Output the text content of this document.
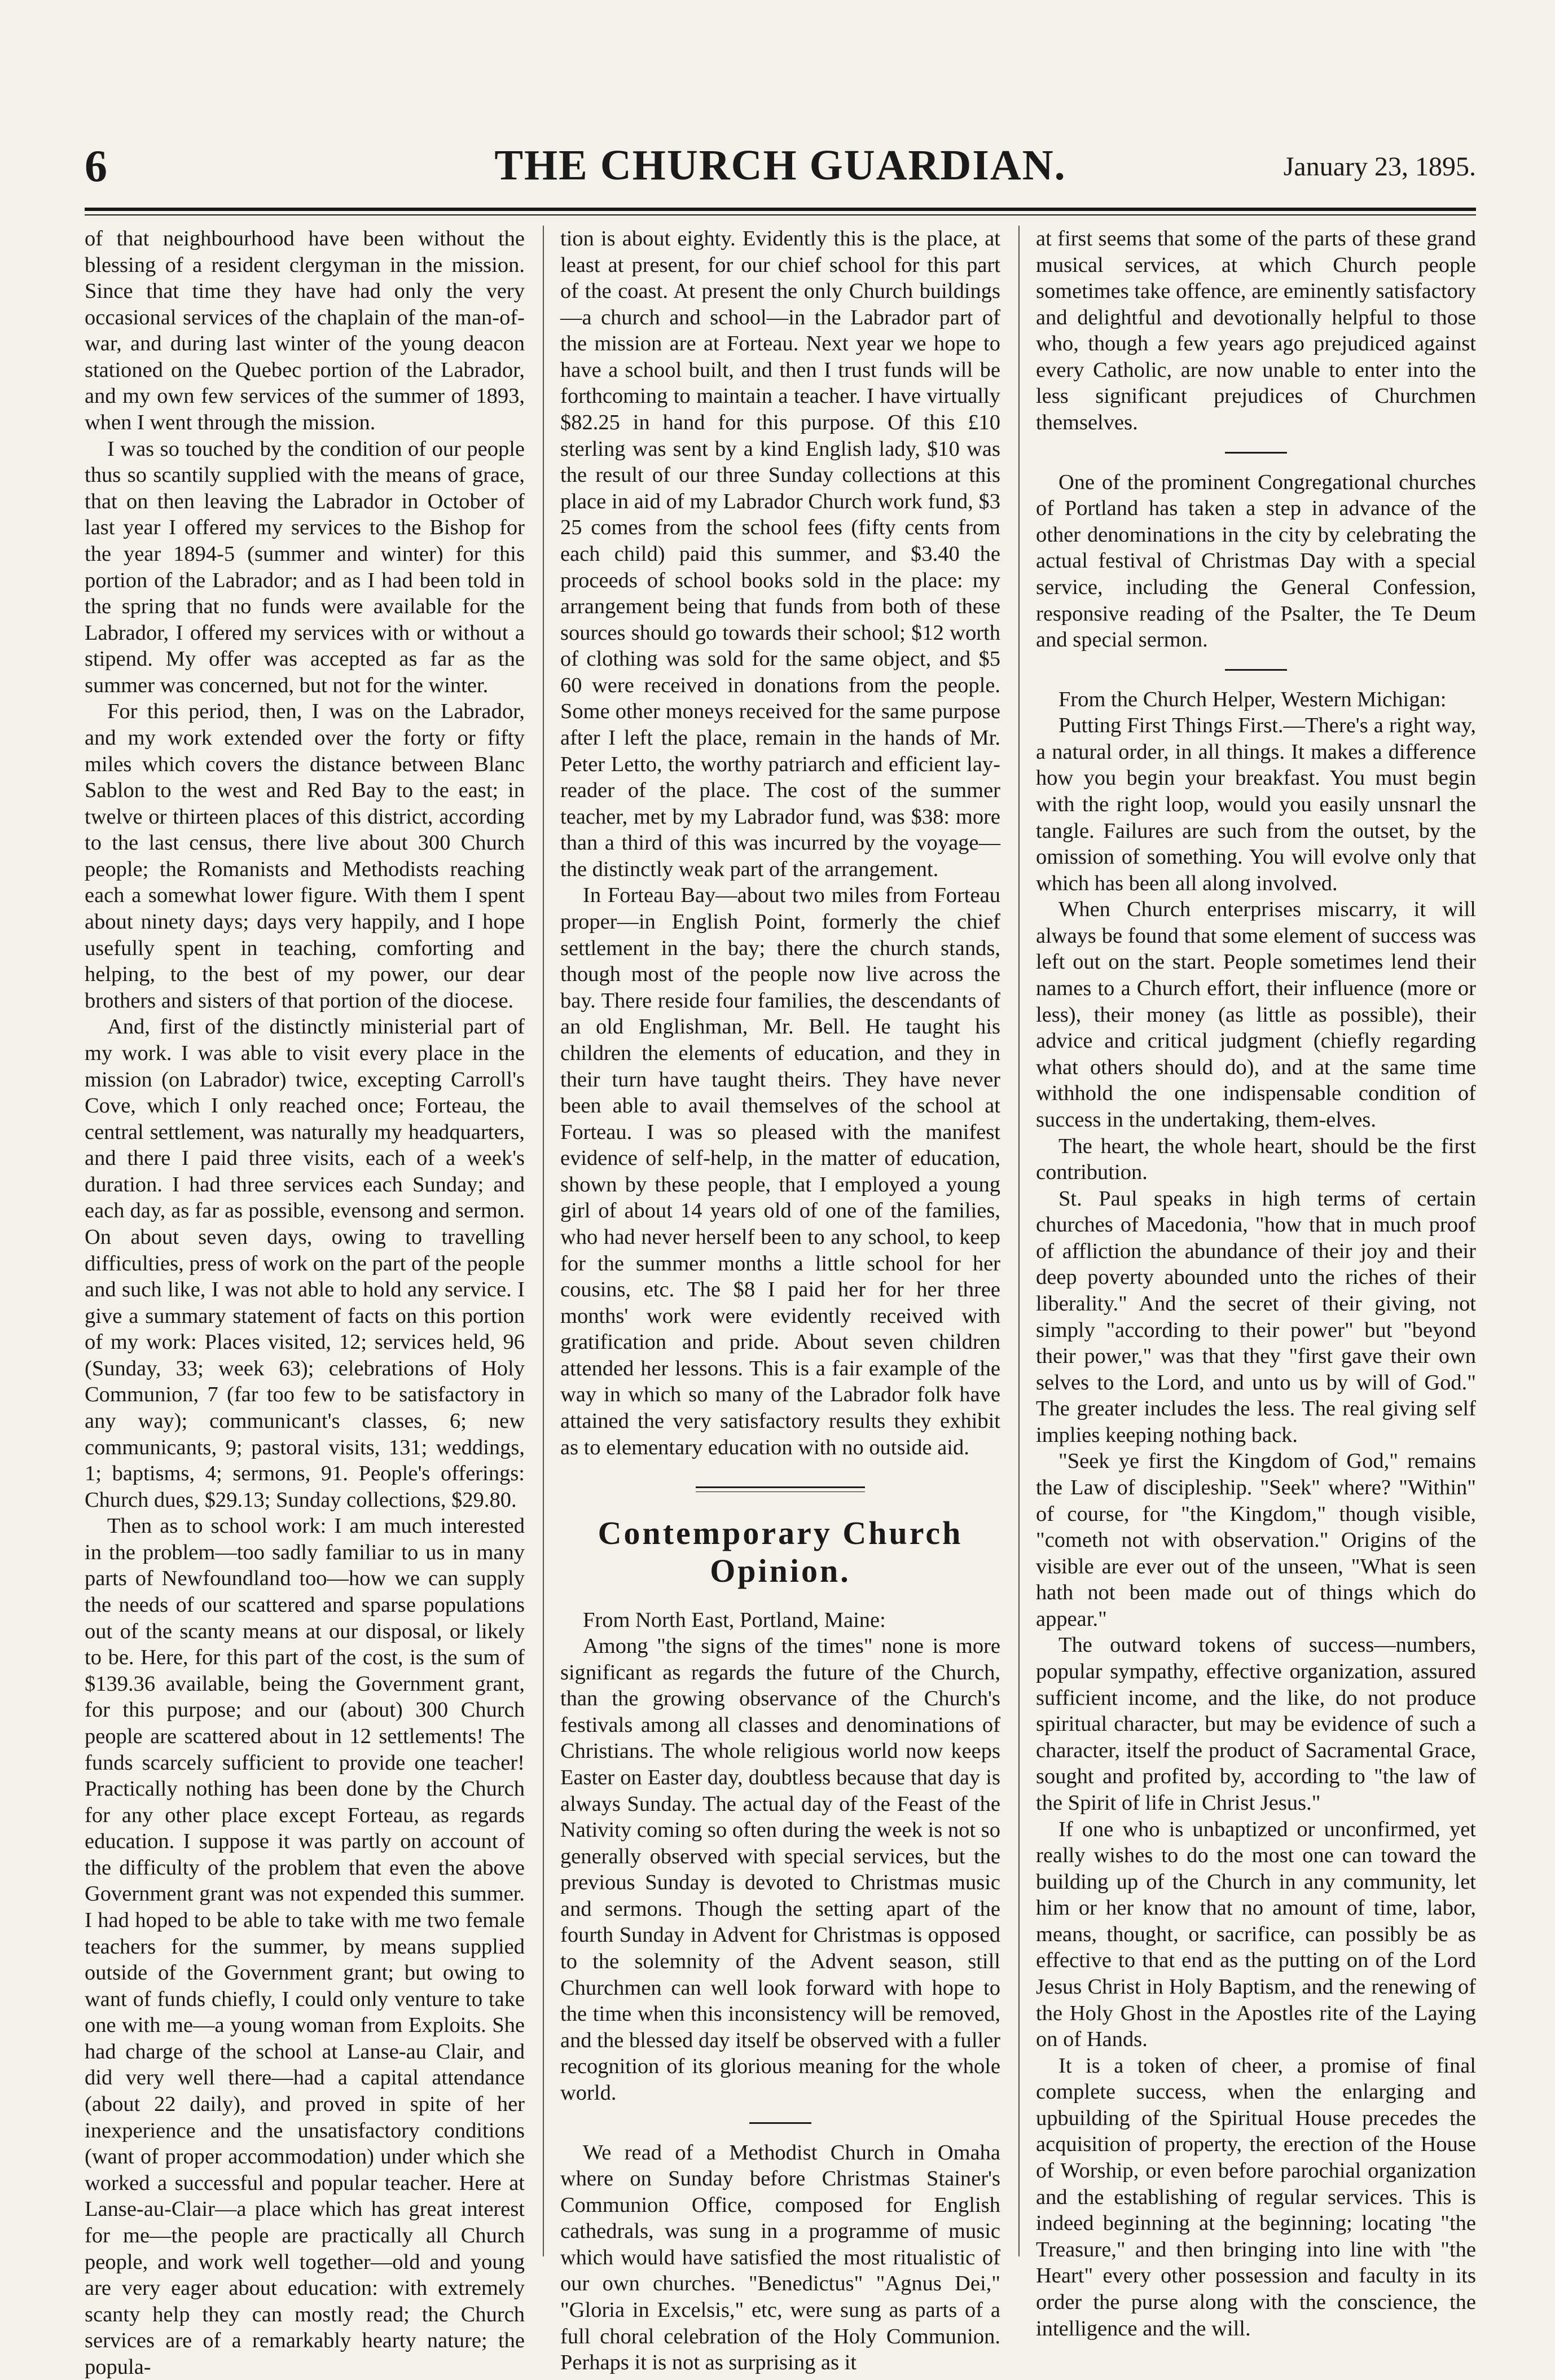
6	THE CHURCH GUARDIAN.	January 23, 1895.

of that neighbourhood have been without the blessing of a resident clergyman in the mission. Since that time they have had only the very occasional services of the chaplain of the man-of-war, and during last winter of the young deacon stationed on the Quebec portion of the Labrador, and my own few services of the summer of 1893, when I went through the mission.

I was so touched by the condition of our people thus so scantily supplied with the means of grace, that on then leaving the Labrador in October of last year I offered my services to the Bishop for the year 1894-5 (summer and winter) for this portion of the Labrador; and as I had been told in the spring that no funds were available for the Labrador, I offered my services with or without a stipend. My offer was accepted as far as the summer was concerned, but not for the winter.

For this period, then, I was on the Labrador, and my work extended over the forty or fifty miles which covers the distance between Blanc Sablon to the west and Red Bay to the east; in twelve or thirteen places of this district, according to the last census, there live about 300 Church people; the Romanists and Methodists reaching each a somewhat lower figure. With them I spent about ninety days; days very happily, and I hope usefully spent in teaching, comforting and helping, to the best of my power, our dear brothers and sisters of that portion of the diocese.

And, first of the distinctly ministerial part of my work. I was able to visit every place in the mission (on Labrador) twice, excepting Carroll's Cove, which I only reached once; Forteau, the central settlement, was naturally my headquarters, and there I paid three visits, each of a week's duration. I had three services each Sunday; and each day, as far as possible, evensong and sermon. On about seven days, owing to travelling difficulties, press of work on the part of the people and such like, I was not able to hold any service. I give a summary statement of facts on this portion of my work: Places visited, 12; services held, 96 (Sunday, 33; week 63); celebrations of Holy Communion, 7 (far too few to be satisfactory in any way); communicant's classes, 6; new communicants, 9; pastoral visits, 131; weddings, 1; baptisms, 4; sermons, 91. People's offerings: Church dues, $29.13; Sunday collections, $29.80.

Then as to school work: I am much interested in the problem—too sadly familiar to us in many parts of Newfoundland too—how we can supply the needs of our scattered and sparse populations out of the scanty means at our disposal, or likely to be. Here, for this part of the cost, is the sum of $139.36 available, being the Government grant, for this purpose; and our (about) 300 Church people are scattered about in 12 settlements! The funds scarcely sufficient to provide one teacher! Practically nothing has been done by the Church for any other place except Forteau, as regards education. I suppose it was partly on account of the difficulty of the problem that even the above Government grant was not expended this summer. I had hoped to be able to take with me two female teachers for the summer, by means supplied outside of the Government grant; but owing to want of funds chiefly, I could only venture to take one with me—a young woman from Exploits. She had charge of the school at Lanse-au Clair, and did very well there—had a capital attendance (about 22 daily), and proved in spite of her inexperience and the unsatisfactory conditions (want of proper accommodation) under which she worked a successful and popular teacher. Here at Lanse-au-Clair—a place which has great interest for me—the people are practically all Church people, and work well together—old and young are very eager about education: with extremely scanty help they can mostly read; the Church services are of a remarkably hearty nature; the popula-

tion is about eighty. Evidently this is the place, at least at present, for our chief school for this part of the coast. At present the only Church buildings—a church and school—in the Labrador part of the mission are at Forteau. Next year we hope to have a school built, and then I trust funds will be forthcoming to maintain a teacher. I have virtually $82.25 in hand for this purpose. Of this £10 sterling was sent by a kind English lady, $10 was the result of our three Sunday collections at this place in aid of my Labrador Church work fund, $3 25 comes from the school fees (fifty cents from each child) paid this summer, and $3.40 the proceeds of school books sold in the place: my arrangement being that funds from both of these sources should go towards their school; $12 worth of clothing was sold for the same object, and $5 60 were received in donations from the people. Some other moneys received for the same purpose after I left the place, remain in the hands of Mr. Peter Letto, the worthy patriarch and efficient lay-reader of the place. The cost of the summer teacher, met by my Labrador fund, was $38: more than a third of this was incurred by the voyage—the distinctly weak part of the arrangement.

In Forteau Bay—about two miles from Forteau proper—in English Point, formerly the chief settlement in the bay; there the church stands, though most of the people now live across the bay. There reside four families, the descendants of an old Englishman, Mr. Bell. He taught his children the elements of education, and they in their turn have taught theirs. They have never been able to avail themselves of the school at Forteau. I was so pleased with the manifest evidence of self-help, in the matter of education, shown by these people, that I employed a young girl of about 14 years old of one of the families, who had never herself been to any school, to keep for the summer months a little school for her cousins, etc. The $8 I paid her for her three months' work were evidently received with gratification and pride. About seven children attended her lessons. This is a fair example of the way in which so many of the Labrador folk have attained the very satisfactory results they exhibit as to elementary education with no outside aid.

Contemporary Church
Opinion.

From North East, Portland, Maine:

Among "the signs of the times" none is more significant as regards the future of the Church, than the growing observance of the Church's festivals among all classes and denominations of Christians. The whole religious world now keeps Easter on Easter day, doubtless because that day is always Sunday. The actual day of the Feast of the Nativity coming so often during the week is not so generally observed with special services, but the previous Sunday is devoted to Christmas music and sermons. Though the setting apart of the fourth Sunday in Advent for Christmas is opposed to the solemnity of the Advent season, still Churchmen can well look forward with hope to the time when this inconsistency will be removed, and the blessed day itself be observed with a fuller recognition of its glorious meaning for the whole world.

We read of a Methodist Church in Omaha where on Sunday before Christmas Stainer's Communion Office, composed for English cathedrals, was sung in a programme of music which would have satisfied the most ritualistic of our own churches. "Benedictus" "Agnus Dei," "Gloria in Excelsis," etc, were sung as parts of a full choral celebration of the Holy Communion. Perhaps it is not as surprising as it

at first seems that some of the parts of these grand musical services, at which Church people sometimes take offence, are eminently satisfactory and delightful and devotionally helpful to those who, though a few years ago prejudiced against every Catholic, are now unable to enter into the less significant prejudices of Churchmen themselves.

One of the prominent Congregational churches of Portland has taken a step in advance of the other denominations in the city by celebrating the actual festival of Christmas Day with a special service, including the General Confession, responsive reading of the Psalter, the Te Deum and special sermon.

From the Church Helper, Western Michigan:

Putting First Things First.—There's a right way, a natural order, in all things. It makes a difference how you begin your breakfast. You must begin with the right loop, would you easily unsnarl the tangle. Failures are such from the outset, by the omission of something. You will evolve only that which has been all along involved.

When Church enterprises miscarry, it will always be found that some element of success was left out on the start. People sometimes lend their names to a Church effort, their influence (more or less), their money (as little as possible), their advice and critical judgment (chiefly regarding what others should do), and at the same time withhold the one indispensable condition of success in the undertaking, them-elves.

The heart, the whole heart, should be the first contribution.

St. Paul speaks in high terms of certain churches of Macedonia, "how that in much proof of affliction the abundance of their joy and their deep poverty abounded unto the riches of their liberality." And the secret of their giving, not simply "according to their power" but "beyond their power," was that they "first gave their own selves to the Lord, and unto us by will of God." The greater includes the less. The real giving self implies keeping nothing back.

"Seek ye first the Kingdom of God," remains the Law of discipleship. "Seek" where? "Within" of course, for "the Kingdom," though visible, "cometh not with observation." Origins of the visible are ever out of the unseen, "What is seen hath not been made out of things which do appear."

The outward tokens of success—numbers, popular sympathy, effective organization, assured sufficient income, and the like, do not produce spiritual character, but may be evidence of such a character, itself the product of Sacramental Grace, sought and profited by, according to "the law of the Spirit of life in Christ Jesus."

If one who is unbaptized or unconfirmed, yet really wishes to do the most one can toward the building up of the Church in any community, let him or her know that no amount of time, labor, means, thought, or sacrifice, can possibly be as effective to that end as the putting on of the Lord Jesus Christ in Holy Baptism, and the renewing of the Holy Ghost in the Apostles rite of the Laying on of Hands.

It is a token of cheer, a promise of final complete success, when the enlarging and upbuilding of the Spiritual House precedes the acquisition of property, the erection of the House of Worship, or even before parochial organization and the establishing of regular services. This is indeed beginning at the beginning; locating "the Treasure," and then bringing into line with "the Heart" every other possession and faculty in its order the purse along with the conscience, the intelligence and the will.
